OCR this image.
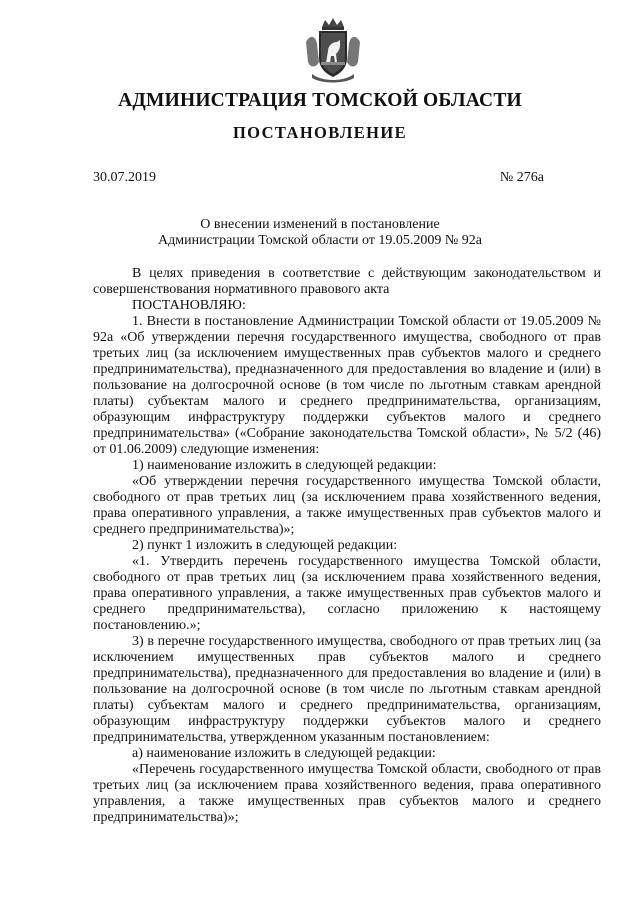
АДМИНИСТРАЦИЯ ТОМСКОЙ ОБЛАСТИ
ПОСТАНОВЛЕНИЕ
30.07.2019	№ 276а
О внесении изменений в постановление
Администрации Томской области от 19.05.2009 № 92а

В целях приведения в соответствие с действующим законодательством и совершенствования нормативного правового акта

ПОСТАНОВЛЯЮ:

1. Внести в постановление Администрации Томской области от 19.05.2009 № 92а «Об утверждении перечня государственного имущества, свободного от прав третьих лиц (за исключением имущественных прав субъектов малого и среднего предпринимательства), предназначенного для предоставления во владение и (или) в пользование на долгосрочной основе (в том числе по льготным ставкам арендной платы) субъектам малого и среднего предпринимательства, организациям, образующим инфраструктуру поддержки субъектов малого и среднего предпринимательства» («Собрание законодательства Томской области», № 5/2 (46) от 01.06.2009) следующие изменения:

1) наименование изложить в следующей редакции:

«Об утверждении перечня государственного имущества Томской области, свободного от прав третьих лиц (за исключением права хозяйственного ведения, права оперативного управления, а также имущественных прав субъектов малого и среднего предпринимательства)»;

2) пункт 1 изложить в следующей редакции:

«1. Утвердить перечень государственного имущества Томской области, свободного от прав третьих лиц (за исключением права хозяйственного ведения, права оперативного управления, а также имущественных прав субъектов малого и среднего предпринимательства), согласно приложению к настоящему постановлению.»;

3) в перечне государственного имущества, свободного от прав третьих лиц (за исключением имущественных прав субъектов малого и среднего предпринимательства), предназначенного для предоставления во владение и (или) в пользование на долгосрочной основе (в том числе по льготным ставкам арендной платы) субъектам малого и среднего предпринимательства, организациям, образующим инфраструктуру поддержки субъектов малого и среднего предпринимательства, утвержденном указанным постановлением:

а) наименование изложить в следующей редакции:

«Перечень государственного имущества Томской области, свободного от прав третьих лиц (за исключением права хозяйственного ведения, права оперативного управления, а также имущественных прав субъектов малого и среднего предпринимательства)»;
